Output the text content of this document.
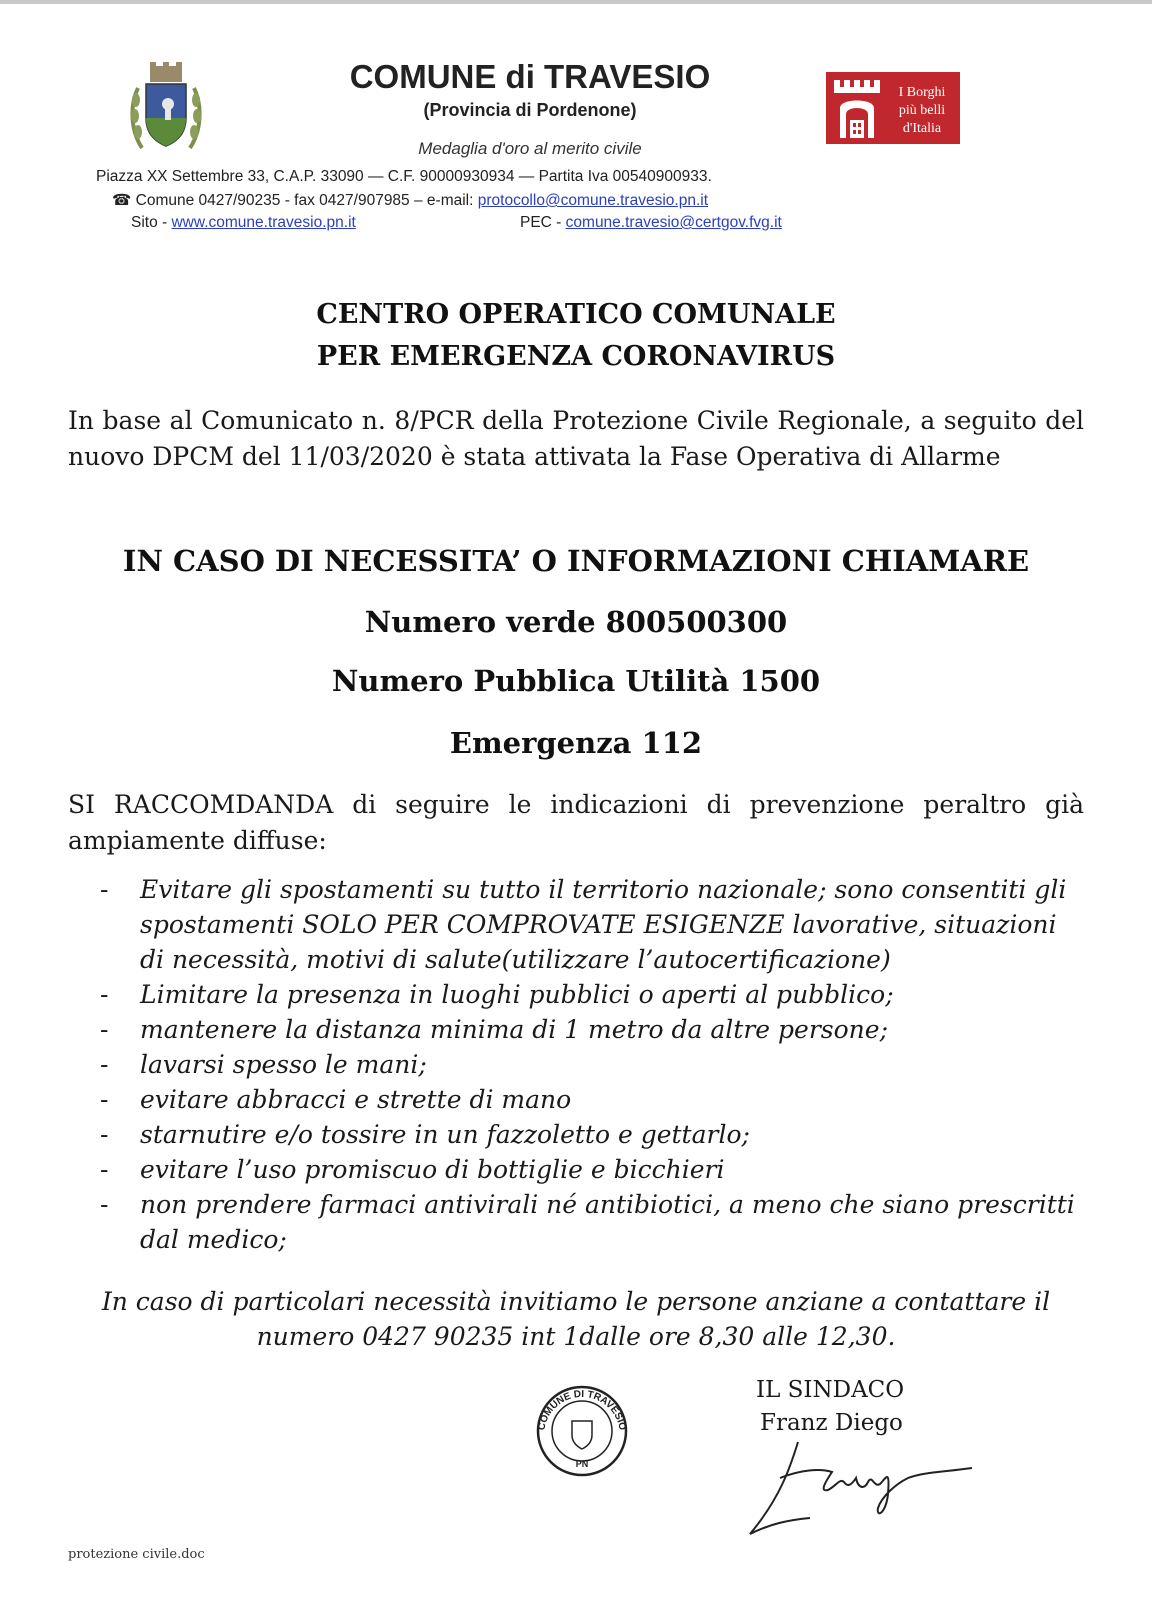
COMUNE di TRAVESIO
(Provincia di Pordenone)
Medaglia d'oro al merito civile
I Borghi
più belli
d'Italia
Piazza XX Settembre 33, C.A.P. 33090 — C.F. 90000930934 — Partita Iva 00540900933.
☎ Comune 0427/90235 - fax 0427/907985 – e-mail: protocollo@comune.travesio.pn.it
Sito - www.comune.travesio.pn.it	PEC - comune.travesio@certgov.fvg.it
CENTRO OPERATICO COMUNALE
PER EMERGENZA CORONAVIRUS
In base al Comunicato n. 8/PCR della Protezione Civile Regionale, a seguito del nuovo DPCM del 11/03/2020 è stata attivata la Fase Operativa di Allarme
IN CASO DI NECESSITA’ O INFORMAZIONI CHIAMARE
Numero verde 800500300
Numero Pubblica Utilità 1500
Emergenza 112
SI RACCOMDANDA di seguire le indicazioni di prevenzione peraltro già ampiamente diffuse:
- Evitare gli spostamenti su tutto il territorio nazionale; sono consentiti gli spostamenti SOLO PER COMPROVATE ESIGENZE lavorative, situazioni di necessità, motivi di salute(utilizzare l’autocertificazione)
- Limitare la presenza in luoghi pubblici o aperti al pubblico;
- mantenere la distanza minima di 1 metro da altre persone;
- lavarsi spesso le mani;
- evitare abbracci e strette di mano
- starnutire e/o tossire in un fazzoletto e gettarlo;
- evitare l’uso promiscuo di bottiglie e bicchieri
- non prendere farmaci antivirali né antibiotici, a meno che siano prescritti dal medico;
In caso di particolari necessità invitiamo le persone anziane a contattare il numero 0427 90235 int 1dalle ore 8,30 alle 12,30.
COMUNE DI TRAVESIO
PN
IL SINDACO
Franz Diego
protezione civile.doc
